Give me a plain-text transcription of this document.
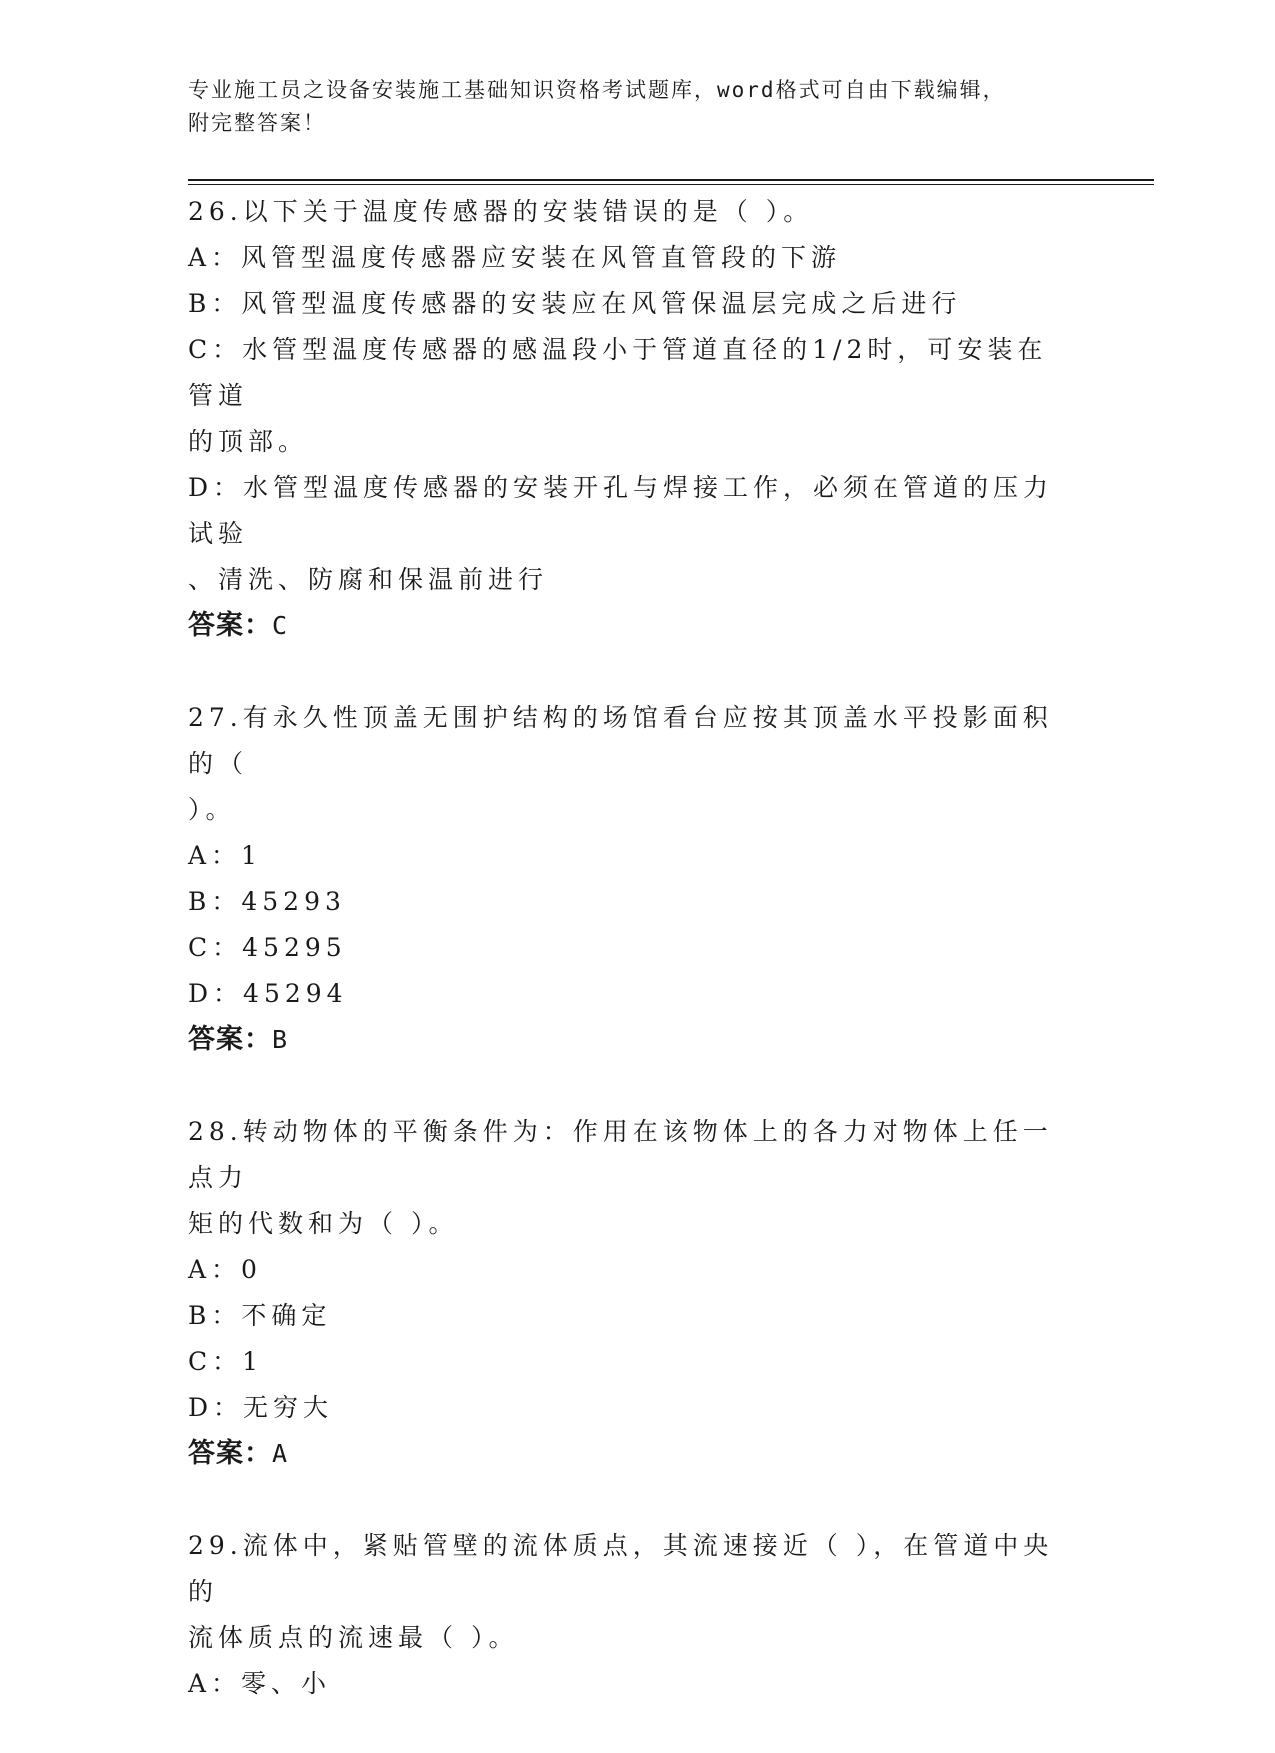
专业施工员之设备安装施工基础知识资格考试题库，word格式可自由下载编辑，
附完整答案！
26.以下关于温度传感器的安装错误的是（ ）。
A：风管型温度传感器应安装在风管直管段的下游
B：风管型温度传感器的安装应在风管保温层完成之后进行
C：水管型温度传感器的感温段小于管道直径的1/2时，可安装在管道
的顶部。
D：水管型温度传感器的安装开孔与焊接工作，必须在管道的压力试验
、清洗、防腐和保温前进行
答案：C
27.有永久性顶盖无围护结构的场馆看台应按其顶盖水平投影面积的（
）。
A：1
B：45293
C：45295
D：45294
答案：B
28.转动物体的平衡条件为：作用在该物体上的各力对物体上任一点力
矩的代数和为（ ）。
A：0
B：不确定
C：1
D：无穷大
答案：A
29.流体中，紧贴管壁的流体质点，其流速接近（ ），在管道中央的
流体质点的流速最（ ）。
A：零、小
